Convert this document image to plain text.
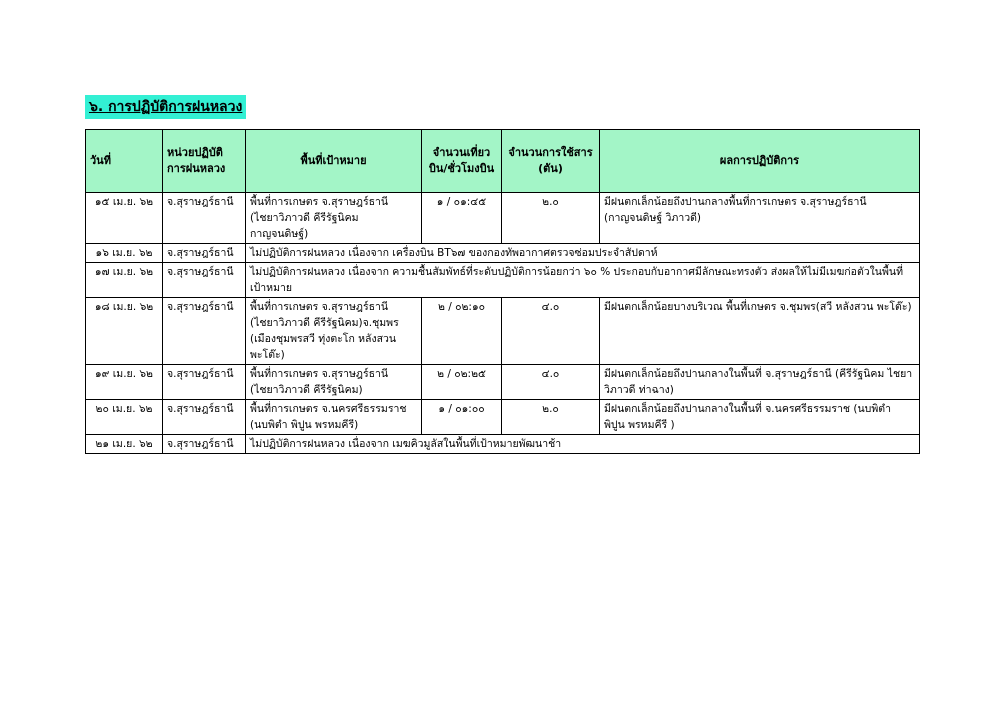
๖. การปฏิบัติการฝนหลวง
วันที่	หน่วยปฏิบัติการฝนหลวง	พื้นที่เป้าหมาย	จำนวนเที่ยวบิน/ชั่วโมงบิน	จำนวนการใช้สาร (ตัน)	ผลการปฏิบัติการ
๑๕ เม.ย. ๖๒	จ.สุราษฎร์ธานี	พื้นที่การเกษตร จ.สุราษฎร์ธานี (ไชยาวิภาวดี คีรีรัฐนิคม กาญจนดิษฐ์)	๑ / ๐๑:๔๕	๒.๐	มีฝนตกเล็กน้อยถึงปานกลางพื้นที่การเกษตร จ.สุราษฎร์ธานี (กาญจนดิษฐ์ วิภาวดี)
๑๖ เม.ย. ๖๒	จ.สุราษฎร์ธานี	ไม่ปฏิบัติการฝนหลวง เนื่องจาก เครื่องบิน BT๖๗ ของกองทัพอากาศตรวจซ่อมประจำสัปดาห์			
๑๗ เม.ย. ๖๒	จ.สุราษฎร์ธานี	ไม่ปฏิบัติการฝนหลวง เนื่องจาก ความชื้นสัมพัทธ์ที่ระดับปฏิบัติการน้อยกว่า ๖๐ % ประกอบกับอากาศมีลักษณะทรงตัว ส่งผลให้ไม่มีเมฆก่อตัวในพื้นที่เป้าหมาย			
๑๘ เม.ย. ๖๒	จ.สุราษฎร์ธานี	พื้นที่การเกษตร จ.สุราษฎร์ธานี (ไชยาวิภาวดี คีรีรัฐนิคม)จ.ชุมพร (เมืองชุมพรสวี ทุ่งตะโก หลังสวน พะโต๊ะ)	๒ / ๐๒:๑๐	๔.๐	มีฝนตกเล็กน้อยบางบริเวณ พื้นที่เกษตร จ.ชุมพร(สวี หลังสวน พะโต๊ะ)
๑๙ เม.ย. ๖๒	จ.สุราษฎร์ธานี	พื้นที่การเกษตร จ.สุราษฎร์ธานี (ไชยาวิภาวดี คีรีรัฐนิคม)	๒ / ๐๒:๒๕	๔.๐	มีฝนตกเล็กน้อยถึงปานกลางในพื้นที่ จ.สุราษฎร์ธานี (คีรีรัฐนิคม ไชยาวิภาวดี ท่าฉาง)
๒๐ เม.ย. ๖๒	จ.สุราษฎร์ธานี	พื้นที่การเกษตร จ.นครศรีธรรมราช (นบพิตำ พิปูน พรหมคีรี)	๑ / ๐๑:๐๐	๒.๐	มีฝนตกเล็กน้อยถึงปานกลางในพื้นที่ จ.นครศรีธรรมราช (นบพิตำ พิปูน พรหมคีรี )
๒๑ เม.ย. ๖๒	จ.สุราษฎร์ธานี	ไม่ปฏิบัติการฝนหลวง เนื่องจาก เมฆคิวมูลัสในพื้นที่เป้าหมายพัฒนาช้า			
